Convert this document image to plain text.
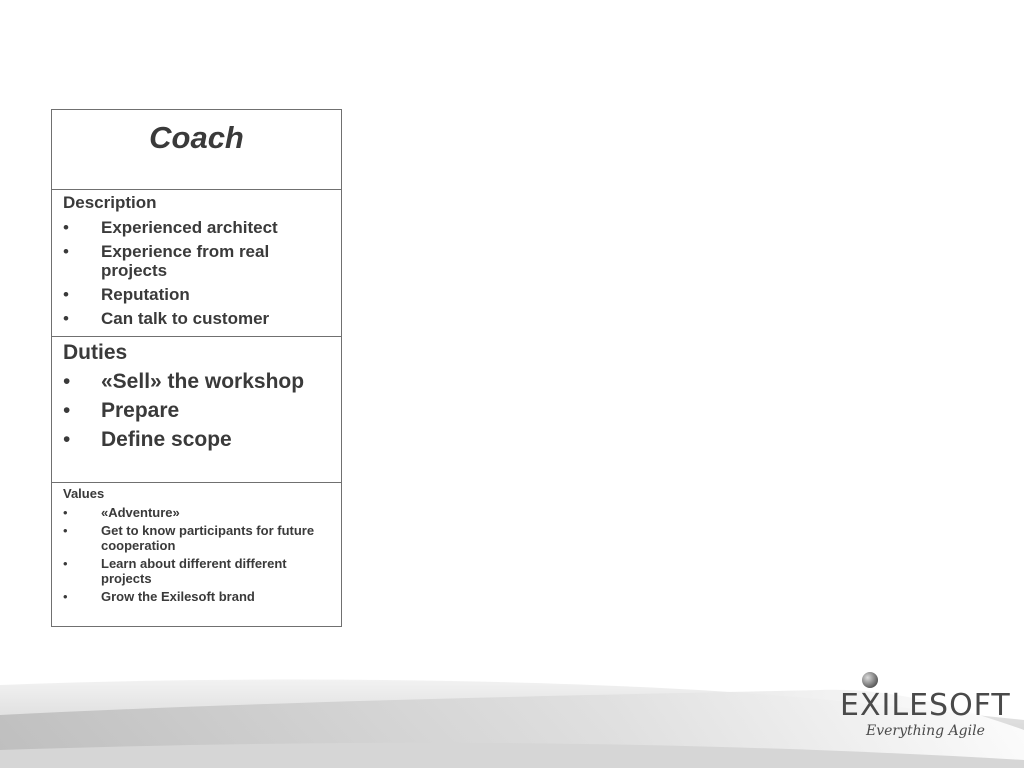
Coach
Description
• Experienced architect
• Experience from real projects
• Reputation
• Can talk to customer
Duties
• «Sell» the workshop
• Prepare
• Define scope
Values
• «Adventure»
• Get to know participants for future cooperation
• Learn about different different projects
• Grow the Exilesoft brand
EXILESOFT
Everything Agile
